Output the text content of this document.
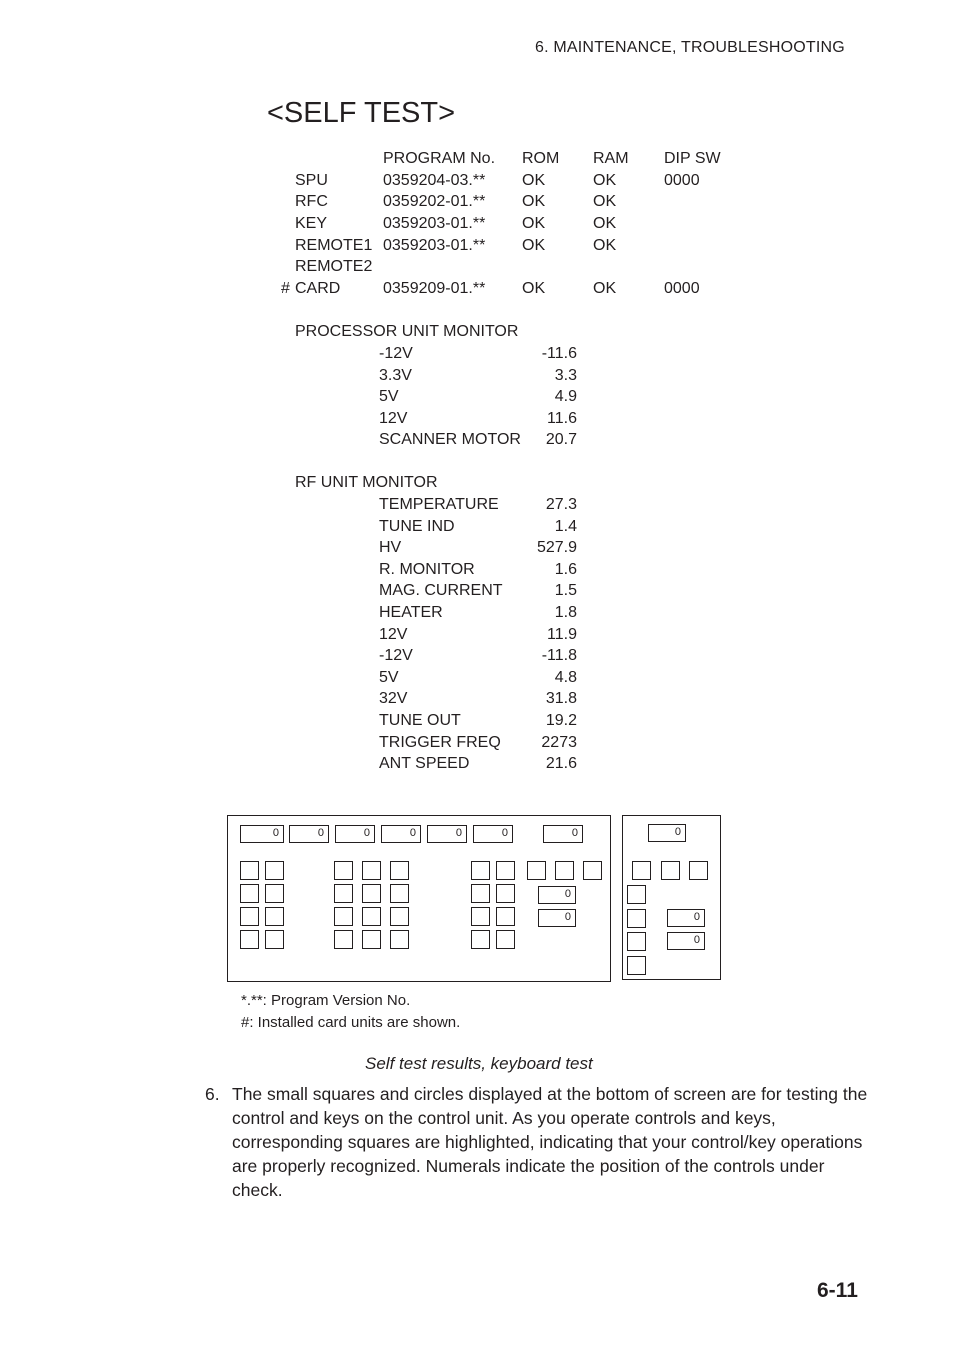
6. MAINTENANCE, TROUBLESHOOTING
<SELF TEST>
PROGRAM No. ROM RAM DIP SW
SPU	0359204-03.** OK	OK	0000
RFC	0359202-01.** OK	OK
KEY	0359203-01.** OK	OK
REMOTE1 0359203-01.** OK	OK
REMOTE2
# CARD	0359209-01.** OK	OK	0000
PROCESSOR UNIT MONITOR
-12V	-11.6
3.3V	3.3
5V	4.9
12V	11.6
SCANNER MOTOR	20.7
RF UNIT MONITOR
TEMPERATURE	27.3
TUNE IND	1.4
HV	527.9
R. MONITOR	1.6
MAG. CURRENT	1.5
HEATER	1.8
12V	11.9
-12V	-11.8
5V	4.8
32V	31.8
TUNE OUT	19.2
TRIGGER FREQ	2273
ANT SPEED	21.6
0	0	0	0	0	0	0
0
0
0
0
0
*.**: Program Version No.
#: Installed card units are shown.
Self test results, keyboard test
6. The small squares and circles displayed at the bottom of screen are for testing the control and keys on the control unit. As you operate controls and keys, corresponding squares are highlighted, indicating that your control/key operations are properly recognized. Numerals indicate the position of the controls under check.
6-11
